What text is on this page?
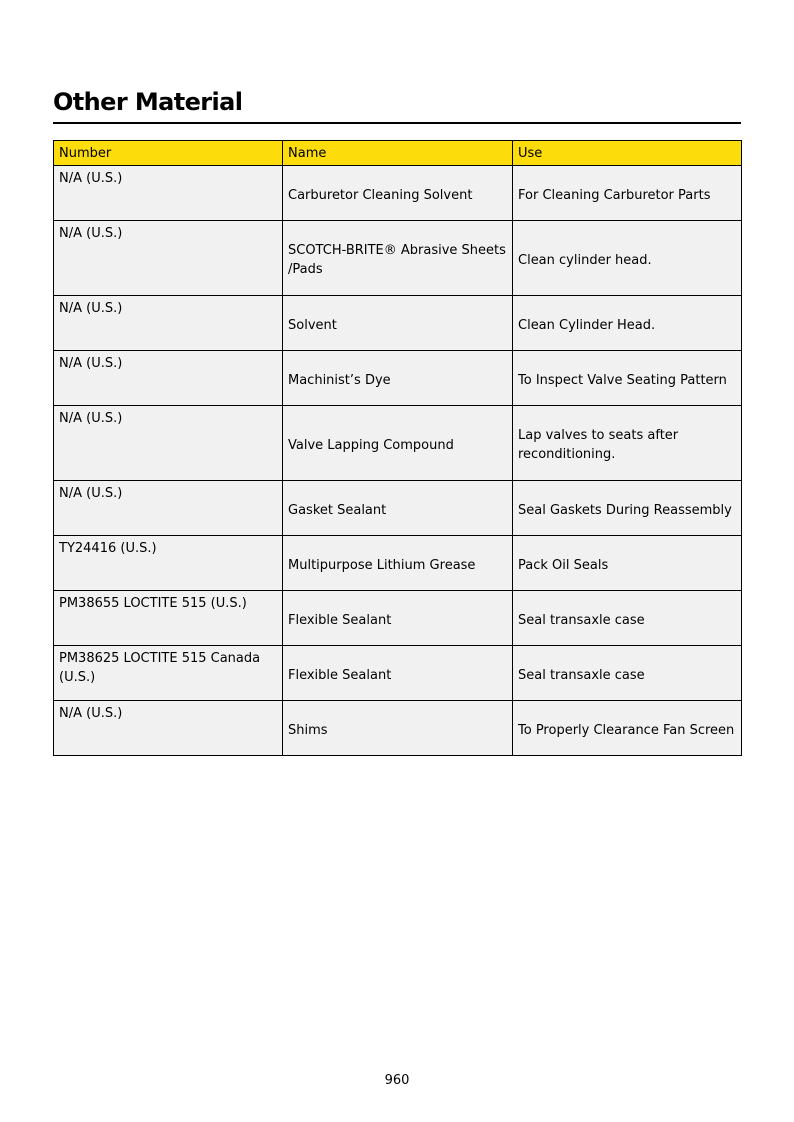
Other Material
Number	Name	Use
N/A (U.S.)	Carburetor Cleaning Solvent	For Cleaning Carburetor Parts
N/A (U.S.)	SCOTCH-BRITE® Abrasive Sheets /Pads	Clean cylinder head.
N/A (U.S.)	Solvent	Clean Cylinder Head.
N/A (U.S.)	Machinist’s Dye	To Inspect Valve Seating Pattern
N/A (U.S.)	Valve Lapping Compound	Lap valves to seats after reconditioning.
N/A (U.S.)	Gasket Sealant	Seal Gaskets During Reassembly
TY24416 (U.S.)	Multipurpose Lithium Grease	Pack Oil Seals
PM38655 LOCTITE 515 (U.S.)	Flexible Sealant	Seal transaxle case
PM38625 LOCTITE 515 Canada (U.S.)	Flexible Sealant	Seal transaxle case
N/A (U.S.)	Shims	To Properly Clearance Fan Screen
960
